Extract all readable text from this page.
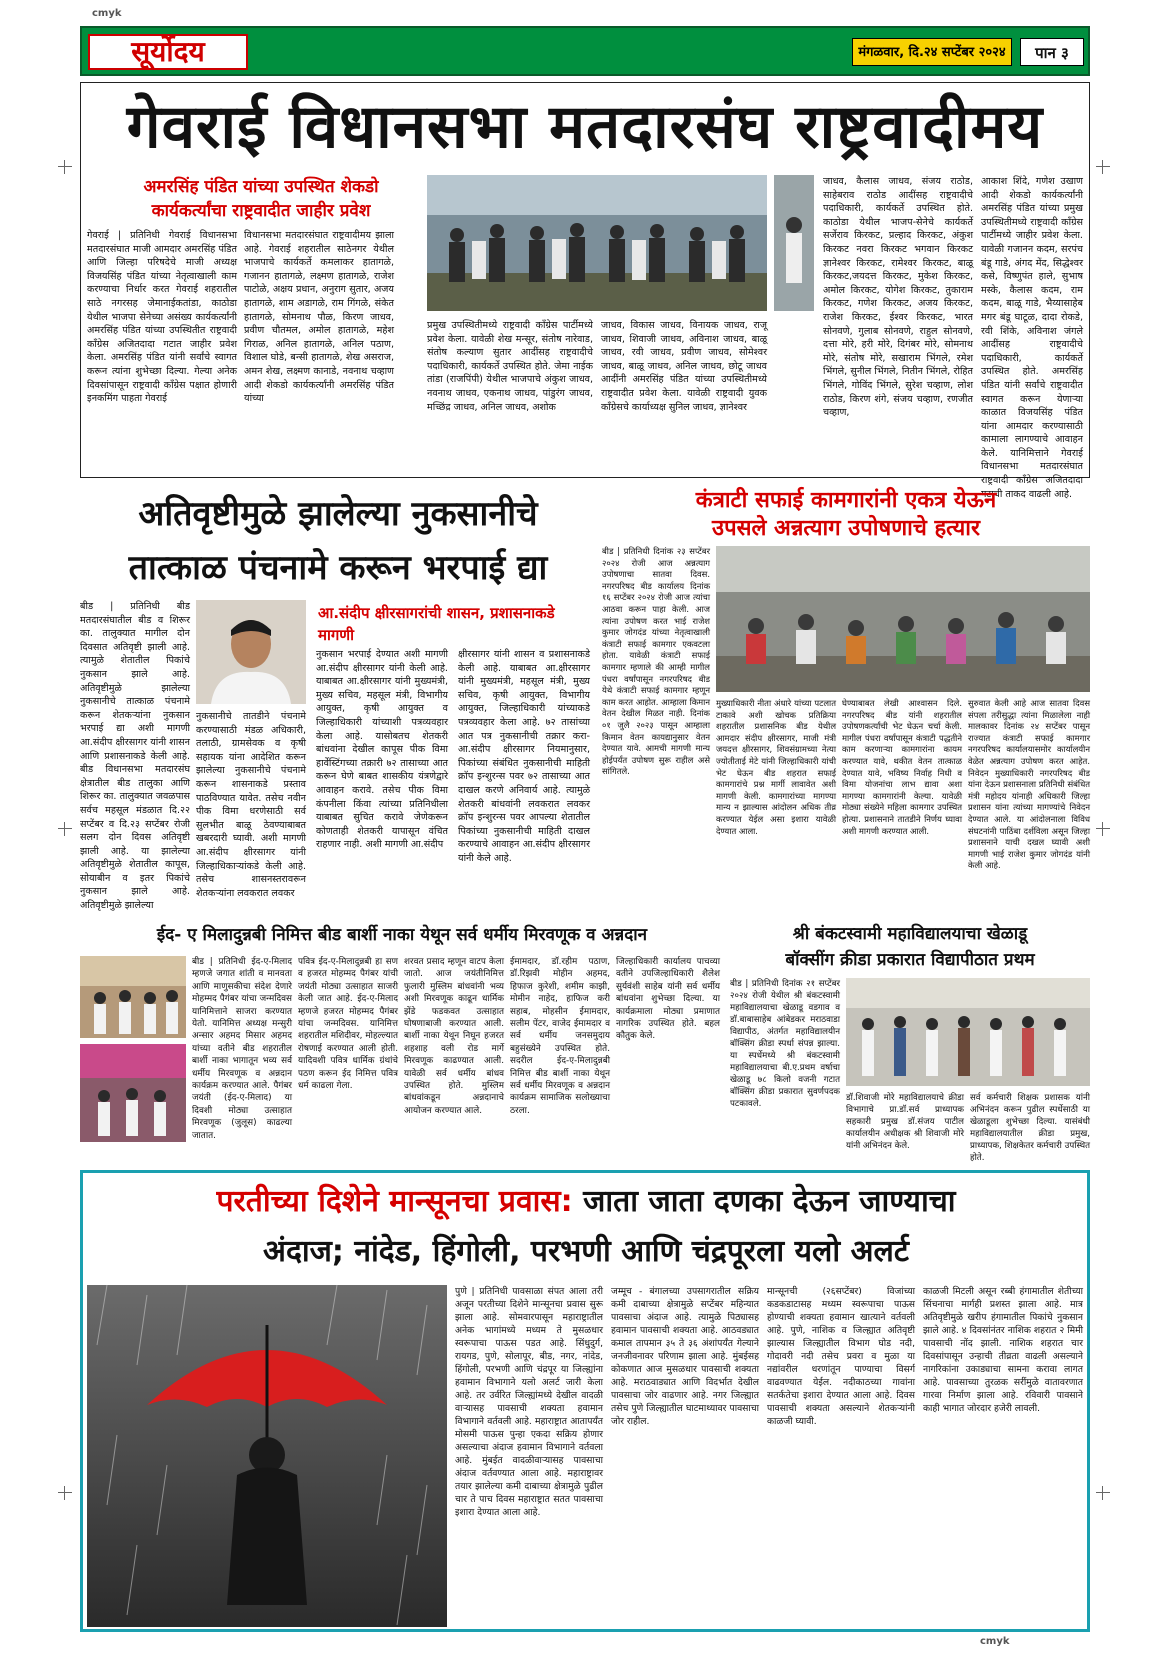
cmyk
cmyk
सूर्योदय	मंगळवार, दि.२४ सप्टेंबर २०२४	पान ३
गेवराई विधानसभा मतदारसंघ राष्ट्रवादीमय
अमरसिंह पंडित यांच्या उपस्थित शेकडो
कार्यकर्त्यांचा राष्ट्रवादीत जाहीर प्रवेश
गेवराई | प्रतिनिधी गेवराई विधानसभा मतदारसंघात माजी आमदार अमरसिंह पंडित आणि जिल्हा परिषदेचे माजी अध्यक्ष विजयसिंह पंडित यांच्या नेतृत्वाखाली काम करण्याचा निर्धार करत गेवराई शहरातील साठे नगरसह जेमानाईकतांडा, काठोडा येथील भाजपा सेनेच्या असंख्य कार्यकर्त्यांनी अमरसिंह पंडित यांच्या उपस्थितीत राष्ट्रवादी काँग्रेस अजितदादा गटात जाहीर प्रवेश केला. अमरसिंह पंडित यांनी सर्वांचे स्वागत करून त्यांना शुभेच्छा दिल्या. गेल्या अनेक दिवसांपासून राष्ट्रवादी कॉंग्रेस पक्षात होणारी इनकमिंग पाहता गेवराई
विधानसभा मतदारसंघात राष्ट्रवादीमय झाला आहे. गेवराई शहरातील साठेनगर येथील भाजपाचे कार्यकर्ते कमलाकर हातागळे, गजानन हातागळे, लक्ष्मण हातागळे, राजेश पाटोळे, अक्षय प्रधान, अनुराग सुतार, अजय हातागळे, शाम अडागळे, राम गिंगळे, संकेत हातागळे, सोमनाथ पौळ, किरण जाधव, प्रवीण चौतमल, अमोल हातागळे, महेश गिराळ, अनिल हातागळे, अनिल पठाण, विशाल घोडे, बन्सी हातागळे, शेख असराज, अमन शेख, लक्ष्मण कानाडे, नवनाथ चव्हाण आदी शेकडो कार्यकर्त्यांनी अमरसिंह पंडित यांच्या
प्रमुख उपस्थितीमध्ये राष्ट्रवादी कॉंग्रेस पार्टीमध्ये प्रवेश केला. यावेळी शेख मन्सूर, संतोष नारेवाड, संतोष कल्याण सुतार आदींसह राष्ट्रवादीचे पदाधिकारी, कार्यकर्ते उपस्थित होते. जेमा नाईक तांडा (राजपिंपी) येथील भाजपाचे अंकुश जाधव, नवनाथ जाधव, एकनाथ जाधव, पांडुरंग जाधव, मच्छिंद्र जाधव, अनिल जाधव, अशोक
जाधव, विकास जाधव, विनायक जाधव, राजू जाधव, शिवाजी जाधव, अविनाश जाधव, बाळू जाधव, रवी जाधव, प्रवीण जाधव, सोमेश्वर जाधव, बाळू जाधव, अनिल जाधव, छोटू जाधव आदींनी अमरसिंह पंडित यांच्या उपस्थितीमध्ये राष्ट्रवादीत प्रवेश केला. यावेळी राष्ट्रवादी युवक कॉंग्रेसचे कार्याध्यक्ष सुनिल जाधव, ज्ञानेश्वर
जाधव, कैलास जाधव, संजय राठोड, साहेबराव राठोड आदींसह राष्ट्रवादीचे पदाधिकारी, कार्यकर्ते उपस्थित होते. काठोडा येथील भाजप-सेनेचे कार्यकर्ते सर्जेराव किरकट, प्रल्हाद किरकट, अंकुश किरकट नवरा किरकट भगवान किरकट ज्ञानेश्वर किरकट, रामेश्वर किरकट, बाळू किरकट,जयदत्त किरकट, मुकेश किरकट, अमोल किरकट, योगेश किरकट, तुकाराम किरकट, गणेश किरकट, अजय किरकट, राजेश किरकट, ईश्वर किरकट, भारत सोनवणे, गुलाब सोनवणे, राहुल सोनवणे, दत्ता मोरे, हरी मोरे, दिगंबर मोरे, सोमनाथ मोरे, संतोष मोरे, सखाराम भिंगले, रमेश भिंगले, सुनील भिंगले, नितीन भिंगले, रोहित भिंगले, गोविंद भिंगले, सुरेश चव्हाण, लोश राठोड, किरण शंगे, संजय चव्हाण, रणजीत चव्हाण,
आकाश शिंदे, गणेश उखाण आदी शेकडो कार्यकर्त्यांनी अमरसिंह पंडित यांच्या प्रमुख उपस्थितीमध्ये राष्ट्रवादी कॉंग्रेस पार्टीमध्ये जाहीर प्रवेश केला. यावेळी गजानन कदम, सरपंच बंडू गाडे, अंगद मेंद, सिद्धेश्वर कसे, विष्णुपंत हाले, सुभाष मस्के, कैलास कदम, राम कदम, बाळू गाडे, भैय्यासाहेब मगर बंडू घाटूळ, दादा रोकडे, रवी शिंके, अविनाश जंगले आदींसह राष्ट्रवादीचे पदाधिकारी, कार्यकर्ते उपस्थित होते. अमरसिंह पंडित यांनी सर्वांचे राष्ट्रवादीत स्वागत करून येणाऱ्या काळात विजयसिंह पंडित यांना आमदार करण्यासाठी कामाला लागण्याचे आवाहन केले. यानिमित्ताने गेवराई विधानसभा मतदारसंघात राष्ट्रवादी कॉंग्रेस अजितदादा गटाची ताकद वाढली आहे.
अतिवृष्टीमुळे झालेल्या नुकसानीचे
तात्काळ पंचनामे करून भरपाई द्या
बीड | प्रतिनिधी बीड मतदारसंघातील बीड व शिरूर का. तालुक्यात मागील दोन दिवसात अतिवृष्टी झाली आहे. त्यामुळे शेतातील पिकांचे नुकसान झाले आहे. अतिवृष्टीमुळे झालेल्या नुकसानीचे तात्काळ पंचनामे करून शेतकऱ्यांना नुकसान भरपाई द्या अशी मागणी आ.संदीप क्षीरसागर यांनी शासन आणि प्रशासनाकडे केली आहे. बीड विधानसभा मतदारसंघ क्षेत्रातील बीड तालुका आणि शिरूर का. तालुक्यात जवळपास सर्वच महसूल मंडळात दि.२२ सप्टेंबर व दि.२३ सप्टेंबर रोजी सलग दोन दिवस अतिवृष्टी झाली आहे. या झालेल्या अतिवृष्टीमुळे शेतातील कापूस, सोयाबीन व इतर पिकांचे नुकसान झाले आहे. अतिवृष्टीमुळे झालेल्या
आ.संदीप क्षीरसागरांची शासन, प्रशासनाकडे मागणी
नुकसानीचे तातडीने पंचनामे करण्यासाठी मंडळ अधिकारी, तलाठी, ग्रामसेवक व कृषी सहायक यांना आदेशित करून झालेल्या नुकसानीचे पंचनामे करून शासनाकडे प्रस्ताव पाठविण्यात यावेत. तसेच नवीन पीक विमा धरणेसाठी सर्व सुलभीत बाळू ठेवण्याबाबत खबरदारी घ्यावी. अशी मागणी आ.संदीप क्षीरसागर यांनी जिल्हाधिकाऱ्यांकडे केली आहे. तसेच शासनस्तरावरून शेतकऱ्यांना लवकरात लवकर
नुकसान भरपाई देण्यात अशी मागणी आ.संदीप क्षीरसागर यांनी केली आहे. याबाबत आ.क्षीरसागर यांनी मुख्यमंत्री, मुख्य सचिव, महसूल मंत्री, विभागीय आयुक्त, कृषी आयुक्त व जिल्हाधिकारी यांच्याशी पत्रव्यवहार केला आहे. यासोबतच शेतकरी बांधवांना देखील कापूस पीक विमा हार्वेस्टिंगच्या तक्रारी ७२ तासाच्या आत करून घेणे बाबत शासकीय यंत्रणेद्वारे आवाहन करावे. तसेच पीक विमा कंपनीला किंवा त्यांच्या प्रतिनिधीला याबाबत सुचित करावे जेणेकरून कोणताही शेतकरी यापासून वंचित राहणार नाही. अशी मागणी आ.संदीप
क्षीरसागर यांनी शासन व प्रशासनाकडे केली आहे. याबाबत आ.क्षीरसागर यांनी मुख्यमंत्री, महसूल मंत्री, मुख्य सचिव, कृषी आयुक्त, विभागीय आयुक्त, जिल्हाधिकारी यांच्याकडे पत्रव्यवहार केला आहे. ७२ तासांच्या आत पत्र नुकसानीची तक्रार करा-आ.संदीप क्षीरसागर नियमानुसार, पिकांच्या संबंधित नुकसानीची माहिती क्रॉप इन्शुरन्स पवर ७२ तासाच्या आत दाखल करणे अनिवार्य आहे. त्यामुळे शेतकरी बांधवांनी लवकरात लवकर क्रॉप इन्शुरन्स पवर आपल्या शेतातील पिकांच्या नुकसानीची माहिती दाखल करण्याचे आवाहन आ.संदीप क्षीरसागर यांनी केले आहे.
कंत्राटी सफाई कामगारांनी एकत्र येऊन
उपसले अन्नत्याग उपोषणाचे हत्यार
बीड | प्रतिनिधी दिनांक २३ सप्टेंबर २०२४ रोजी आज अन्नत्याग उपोषणाचा सातवा दिवस. नगरपरिषद बीड कार्यालय दिनांक १६ सप्टेंबर २०२४ रोजी आज त्यांचा आठवा करून पाहा केली. आज त्यांना उपोषण करत भाई राजेश कुमार जोगदंड यांच्या नेतृत्वाखाली कंत्राटी सफाई कामगार एकवटला होता. यावेळी कंत्राटी सफाई कामगार म्हणाले की आम्ही मागील पंधरा वर्षांपासून नगरपरिषद बीड येथे कंत्राटी सफाई कामगार म्हणून काम करत आहोत. आम्हाला किमान वेतन देखील मिळत नाही. दिनांक ०१ जुलै २०२३ पासून आम्हाला किमान वेतन कायद्यानुसार वेतन देण्यात यावे. आमची मागणी मान्य होईपर्यंत उपोषण सुरू राहील असे सांगितले.
मुख्याधिकारी नीता अंधारे यांच्या पटलात टाकावे अशी खोचक प्रतिक्रिया शहरातील प्रशासनिक बीड येथील आमदार संदीप क्षीरसागर, माजी मंत्री जयदत्त क्षीरसागर, शिवसंग्रामच्या नेत्या ज्योतीताई मेटे यांनी जिल्हाधिकारी यांची भेट घेऊन बीड शहरात सफाई कामगारांचे प्रश्न मार्गी लावावेत अशी मागणी केली. कामगारांच्या मागण्या मान्य न झाल्यास आंदोलन अधिक तीव्र करण्यात येईल असा इशारा यावेळी देण्यात आला.
घेण्याबाबत लेखी आश्वासन दिले. नगरपरिषद बीड यांनी शहरातील उपोषणकर्त्यांची भेट घेऊन चर्चा केली. मागील पंधरा वर्षांपासून कंत्राटी पद्धतीने काम करणाऱ्या कामगारांना कायम करण्यात यावे, थकीत वेतन तात्काळ देण्यात यावे, भविष्य निर्वाह निधी व विमा योजनांचा लाभ द्यावा अशा मागण्या कामगारांनी केल्या. यावेळी मोठ्या संख्येने महिला कामगार उपस्थित होत्या. प्रशासनाने तातडीने निर्णय घ्यावा अशी मागणी करण्यात आली.
सुरुवात केली आहे आज सातवा दिवस संपला तरीसुद्धा त्यांना मिळालेला नाही मालकावर दिनांक २४ सप्टेंबर पासून राज्यात कंत्राटी सफाई कामगार नगरपरिषद कार्यालयासमोर कार्यालयीन वेळेत अन्नत्याग उपोषण करत आहेत. निवेदन मुख्याधिकारी नगरपरिषद बीड यांना देऊन प्रशासनाला प्रतिनिधी संबंधित मंत्री महोदय यांनाही अधिकारी जिल्हा प्रशासन यांना त्यांच्या मागण्यांचे निवेदन देण्यात आले. या आंदोलनाला विविध संघटनांनी पाठिंबा दर्शविला असून जिल्हा प्रशासनाने याची दखल घ्यावी अशी मागणी भाई राजेश कुमार जोगदंड यांनी केली आहे.
ईद- ए मिलादुन्नबी निमित्त बीड बार्शी नाका येथून सर्व धर्मीय मिरवणूक व अन्नदान
बीड | प्रतिनिधी ईद-ए-मिलाद म्हणजे जगात शांती व मानवता आणि माणुसकीचा संदेश देणारे मोहम्मद पैगंबर यांचा जन्मदिवस यानिमित्ताने साजरा करण्यात येतो. यानिमित्त अध्यक्ष मन्सुरी अन्सार अहमद मिसार अहमद यांच्या वतीने बीड शहरातील बार्शी नाका भागातून भव्य सर्व धर्मीय मिरवणूक व अन्नदान कार्यक्रम करण्यात आले. पैगंबर जयंती (ईद-ए-मिलाद) या दिवशी मोठ्या उत्साहात मिरवणूक (जुलूस) काढल्या जातात.
पवित्र ईद-ए-मिलादुन्नबी हा सण व हजरत मोहम्मद पैगंबर यांची जयंती मोठ्या उत्साहात साजरी केली जात आहे. ईद-ए-मिलाद म्हणजे हजरत मोहम्मद पैगंबर यांचा जन्मदिवस. यानिमित्त शहरातील मशिदीवर, मोहल्ल्यात रोषणाई करण्यात आली होती. यादिवशी पवित्र धार्मिक ग्रंथांचे पठण करून ईद निमित्त पवित्र धर्म काढला गेला.
शरवत प्रसाद म्हणून वाटप केला जातो. आज जयंतीनिमित्त फुलारी मुस्लिम बांधवांनी भव्य अशी मिरवणूक काढून धार्मिक झेंडे फडकवत उत्साहात घोषणाबाजी करण्यात आली. बार्शी नाका येथून निघून हजरत शहशाह वली रोड मार्गे मिरवणूक काढण्यात आली. यावेळी सर्व धर्मीय बांधव उपस्थित होते. मुस्लिम बांधवांकडून अन्नदानाचे आयोजन करण्यात आले.
ईमामदार, डॉ.रहीम पठाण, डॉ.रिझवी मोहीन अहमद, हिफाज कुरेशी, शमीम काझी, मोमीन नाहेद, हाफिज करी सहाब, मोहसीन ईमामदार, सलीम पेंटर, वाजेद ईमामदार व सर्व धर्मीय जनसमुदाय बहुसंख्येने उपस्थित होते. सदरील ईद-ए-मिलादुन्नबी निमित्त बीड बार्शी नाका येथून सर्व धर्मीय मिरवणूक व अन्नदान कार्यक्रम सामाजिक सलोख्याचा ठरला.
जिल्हाधिकारी कार्यालय पाचव्या वतीने उपजिल्हाधिकारी शैलेश सुर्यवंशी साहेब यांनी सर्व धर्मीय बांधवांना शुभेच्छा दिल्या. या कार्यक्रमाला मोठ्या प्रमाणात नागरिक उपस्थित होते. बहल कौतुक केले.
श्री बंकटस्वामी महाविद्यालयाचा खेळाडू
बॉक्सींग क्रीडा प्रकारात विद्यापीठात प्रथम
बीड | प्रतिनिधी दिनांक २१ सप्टेंबर २०२४ रोजी येथील श्री बंकटस्वामी महाविद्यालयाचा खेळाडू वडगाव व डॉ.बाबासाहेब आंबेडकर मराठवाडा विद्यापीठ, अंतर्गत महाविद्यालयीन बॉक्सिंग क्रीडा स्पर्धा संपन्न झाल्या. या स्पर्धेमध्ये श्री बंकटस्वामी महाविद्यालयाचा बी.ए.प्रथम वर्षाचा खेळाडू ७८ किलो वजनी गटात बॉक्सिंग क्रीडा प्रकारात सुवर्णपदक पटकावले.
डॉ.शिवाजी मोरे महाविद्यालयाचे क्रीडा विभागाचे प्रा.डॉ.सर्व प्राध्यापक सहकारी प्रमुख डॉ.संजय पाटील कार्यालयीन अधीक्षक श्री शिवाजी मोरे यांनी अभिनंदन केले.
सर्व कर्मचारी शिक्षक प्रशासक यांनी अभिनंदन करून पुढील स्पर्धेसाठी या खेळाडूला शुभेच्छा दिल्या. यासंबंधी महाविद्यालयातील क्रीडा प्रमुख, प्राध्यापक, शिक्षकेतर कर्मचारी उपस्थित होते.
परतीच्या दिशेने मान्सूनचा प्रवास: जाता जाता दणका देऊन जाण्याचा
अंदाज; नांदेड, हिंगोली, परभणी आणि चंद्रपूरला यलो अलर्ट
पुणे | प्रतिनिधी पावसाळा संपत आला तरी अजून परतीच्या दिशेने मान्सूनचा प्रवास सुरू झाला आहे. सोमवारपासून महाराष्ट्रातील अनेक भागांमध्ये मध्यम ते मुसळधार स्वरूपाचा पाऊस पडत आहे. सिंधुदुर्ग, रायगड, पुणे, सोलापूर, बीड, नगर, नांदेड, हिंगोली, परभणी आणि चंद्रपूर या जिल्ह्यांना हवामान विभागाने यलो अलर्ट जारी केला आहे. तर उर्वरित जिल्ह्यांमध्ये देखील वादळी वाऱ्यासह पावसाची शक्यता हवामान विभागाने वर्तवली आहे. महाराष्ट्रात आतापर्यंत मोसमी पाऊस पुन्हा एकदा सक्रिय होणार असल्याचा अंदाज हवामान विभागाने वर्तवला आहे. मुंबईत वादळीवाऱ्यासह पावसाचा अंदाज वर्तवण्यात आला आहे. महाराष्ट्रावर तयार झालेल्या कमी दाबाच्या क्षेत्रामुळे पुढील चार ते पाच दिवस महाराष्ट्रात सतत पावसाचा इशारा देण्यात आला आहे.
जम्मूच - बंगालच्या उपसागरातील सक्रिय कमी दाबाच्या क्षेत्रामुळे सप्टेंबर महिन्यात पावसाचा अंदाज आहे. त्यामुळे पिठ्यासह हवामान पावसाची शक्यता आहे. आठवड्यात कमाल तापमान ३५ ते ३६ अंशांपर्यंत गेल्याने जनजीवनावर परिणाम झाला आहे. मुंबईसह कोकणात आज मुसळधार पावसाची शक्यता आहे. मराठवाड्यात आणि विदर्भात देखील पावसाचा जोर वाढणार आहे. नगर जिल्ह्यात तसेच पुणे जिल्ह्यातील घाटमाथ्यावर पावसाचा जोर राहील.
मान्सूनची (२६सप्टेंबर) विजांच्या कडकडाटासह मध्यम स्वरूपाचा पाऊस होण्याची शक्यता हवामान खात्याने वर्तवली आहे. पुणे, नाशिक व जिल्ह्यात अतिवृष्टी झाल्यास जिल्ह्यातील विभाग घोड नदी, गोदावरी नदी तसेच प्रवरा व मुळा या नद्यांवरील धरणांतून पाण्याचा विसर्ग वाढवण्यात येईल. नदीकाठच्या गावांना सतर्कतेचा इशारा देण्यात आला आहे. दिवस पावसाची शक्यता असल्याने शेतकऱ्यांनी काळजी घ्यावी.
काळजी मिटली असून रब्बी हंगामातील शेतीच्या सिंचनाचा मार्गही प्रशस्त झाला आहे. मात्र अतिवृष्टीमुळे खरीप हंगामातील पिकांचे नुकसान झाले आहे. ४ दिवसांनंतर नाशिक शहरात २ मिमी पावसाची नोंद झाली. नाशिक शहरात चार दिवसांपासून उन्हाची तीव्रता वाढली असल्याने नागरिकांना उकाड्याचा सामना करावा लागत आहे. पावसाच्या तुरळक सरींमुळे वातावरणात गारवा निर्माण झाला आहे. रविवारी पावसाने काही भागात जोरदार हजेरी लावली.
